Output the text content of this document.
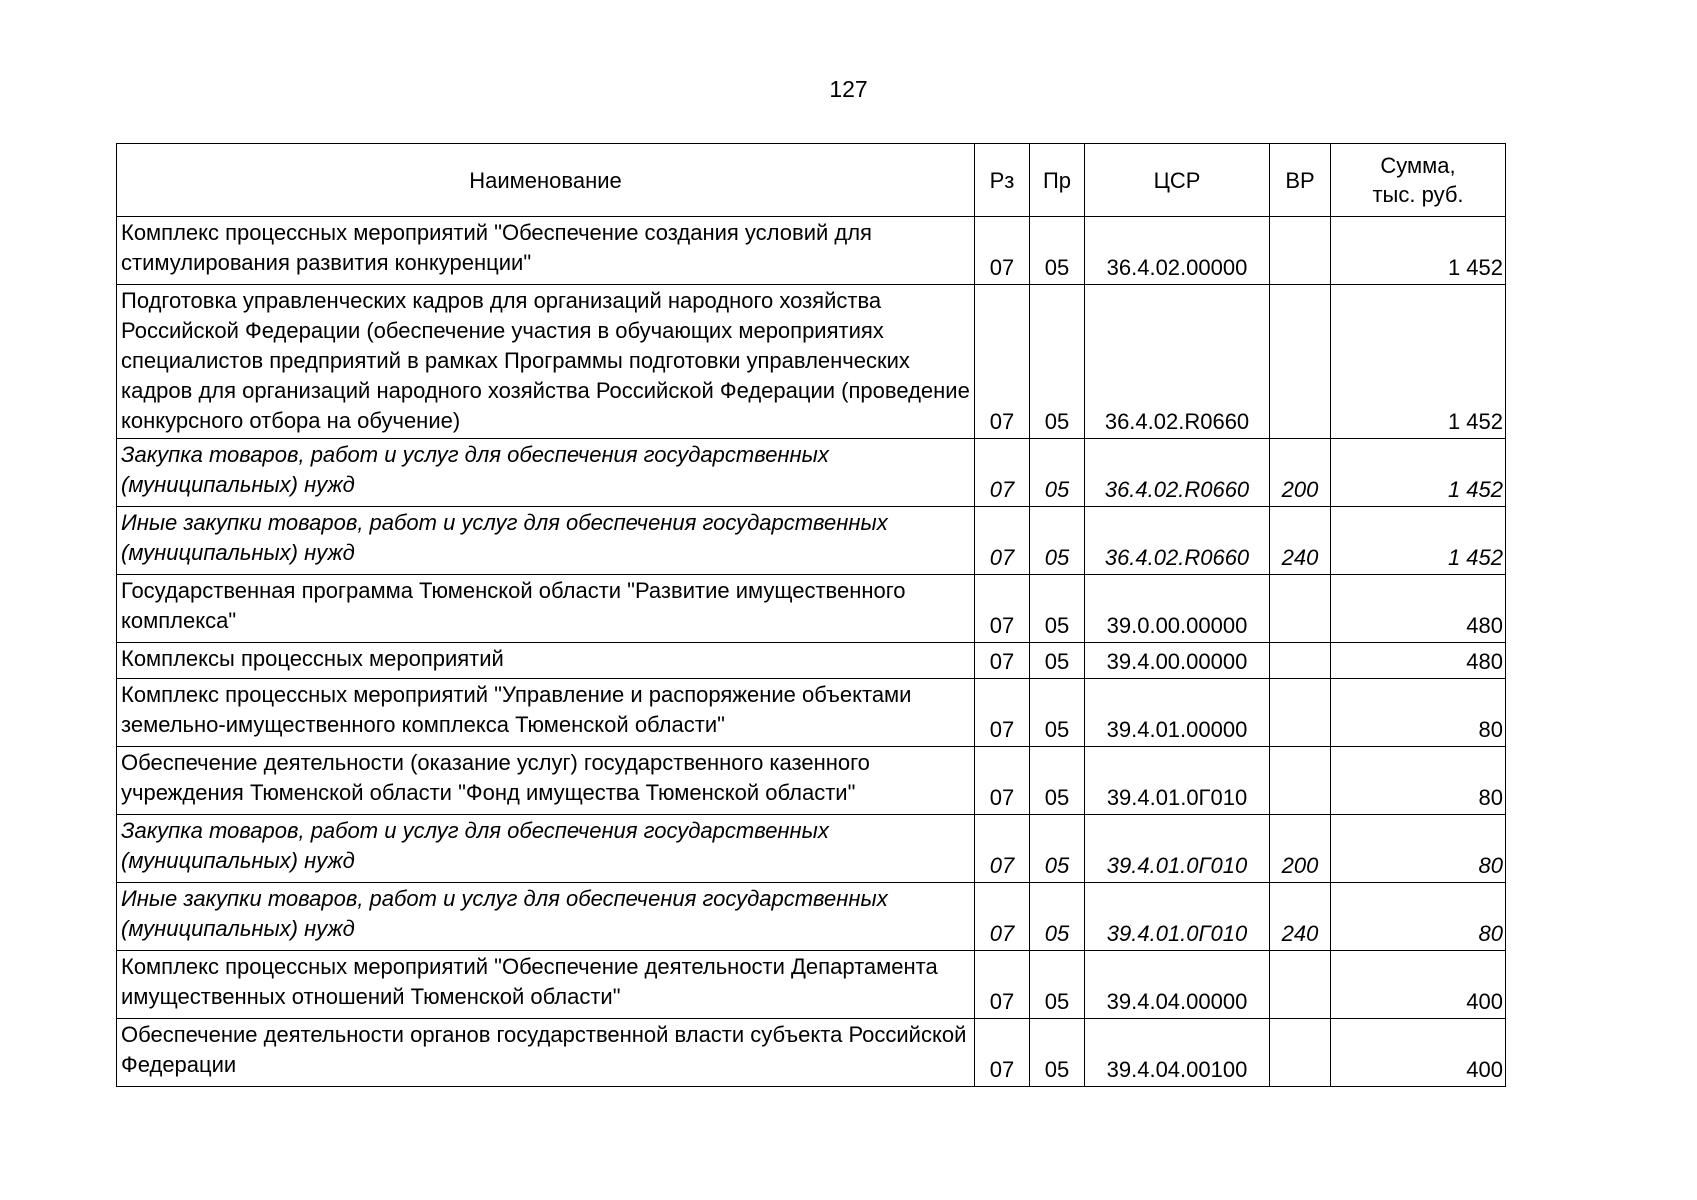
127
Наименование	Рз	Пр	ЦСР	ВР	Сумма,
тыс. руб.
Комплекс процессных мероприятий "Обеспечение создания условий для стимулирования развития конкуренции"	07	05	36.4.02.00000		1 452
Подготовка управленческих кадров для организаций народного хозяйства Российской Федерации (обеспечение участия в обучающих мероприятиях специалистов предприятий в рамках Программы подготовки управленческих кадров для организаций народного хозяйства Российской Федерации (проведение конкурсного отбора на обучение)	07	05	36.4.02.R0660		1 452
Закупка товаров, работ и услуг для обеспечения государственных (муниципальных) нужд	07	05	36.4.02.R0660	200	1 452
Иные закупки товаров, работ и услуг для обеспечения государственных (муниципальных) нужд	07	05	36.4.02.R0660	240	1 452
Государственная программа Тюменской области "Развитие имущественного комплекса"	07	05	39.0.00.00000		480
Комплексы процессных мероприятий	07	05	39.4.00.00000		480
Комплекс процессных мероприятий "Управление и распоряжение объектами земельно-имущественного комплекса Тюменской области"	07	05	39.4.01.00000		80
Обеспечение деятельности (оказание услуг) государственного казенного учреждения Тюменской области "Фонд имущества Тюменской области"	07	05	39.4.01.0Г010		80
Закупка товаров, работ и услуг для обеспечения государственных (муниципальных) нужд	07	05	39.4.01.0Г010	200	80
Иные закупки товаров, работ и услуг для обеспечения государственных (муниципальных) нужд	07	05	39.4.01.0Г010	240	80
Комплекс процессных мероприятий "Обеспечение деятельности Департамента имущественных отношений Тюменской области"	07	05	39.4.04.00000		400
Обеспечение деятельности органов государственной власти субъекта Российской Федерации	07	05	39.4.04.00100		400
